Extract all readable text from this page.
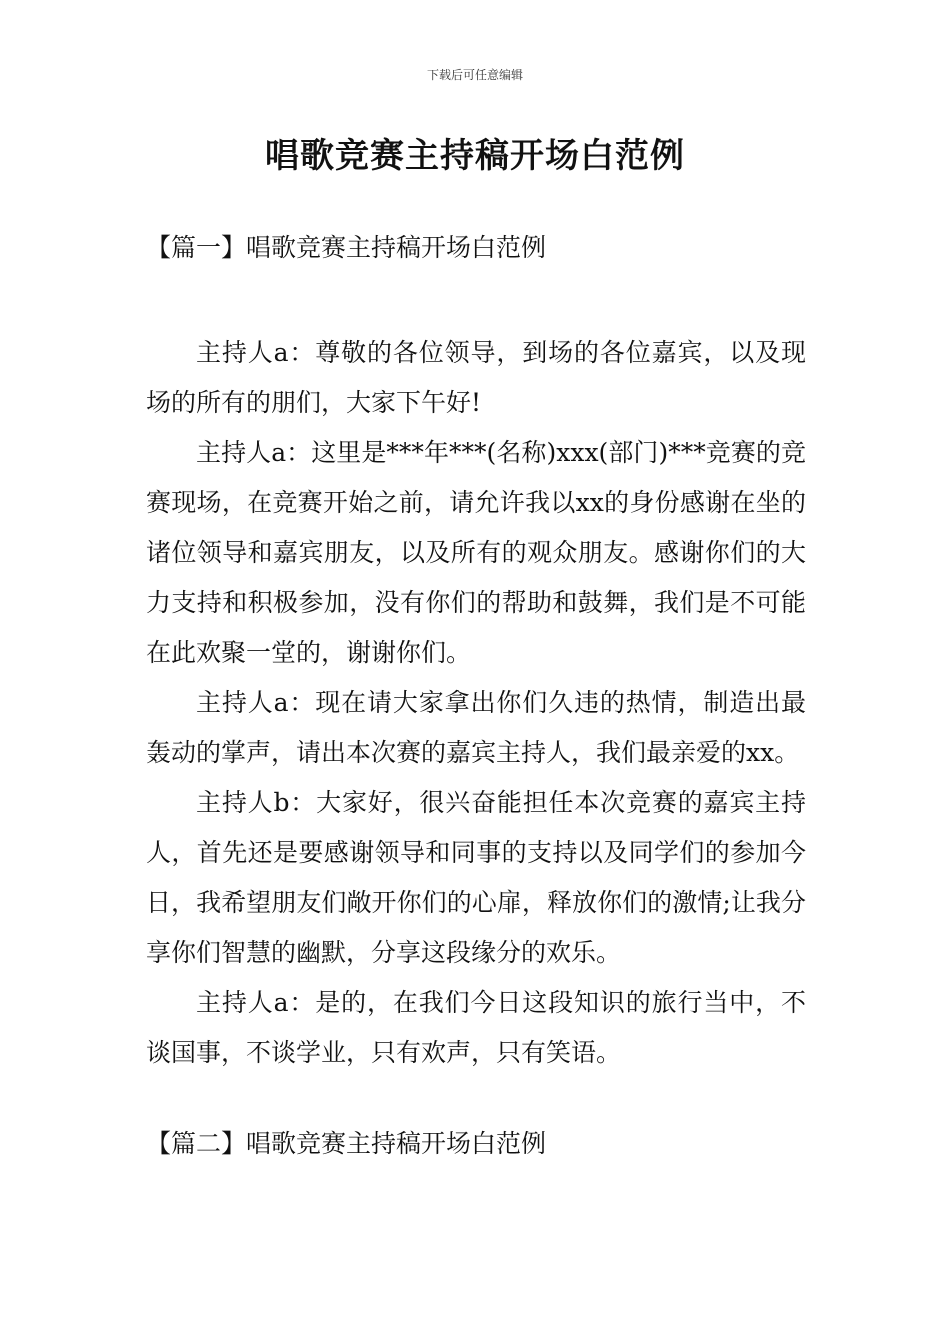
下载后可任意编辑
唱歌竞赛主持稿开场白范例
【篇一】唱歌竞赛主持稿开场白范例

主持人a：尊敬的各位领导，到场的各位嘉宾，以及现场的所有的朋们，大家下午好!

主持人a：这里是***年***(名称)xxx(部门)***竞赛的竞赛现场，在竞赛开始之前，请允许我以xx的身份感谢在坐的诸位领导和嘉宾朋友，以及所有的观众朋友。感谢你们的大力支持和积极参加，没有你们的帮助和鼓舞，我们是不可能在此欢聚一堂的，谢谢你们。

主持人a：现在请大家拿出你们久违的热情，制造出最轰动的掌声，请出本次赛的嘉宾主持人，我们最亲爱的xx。

主持人b：大家好，很兴奋能担任本次竞赛的嘉宾主持人，首先还是要感谢领导和同事的支持以及同学们的参加今日，我希望朋友们敞开你们的心扉，释放你们的激情;让我分享你们智慧的幽默，分享这段缘分的欢乐。

主持人a：是的，在我们今日这段知识的旅行当中，不谈国事，不谈学业，只有欢声，只有笑语。

【篇二】唱歌竞赛主持稿开场白范例
